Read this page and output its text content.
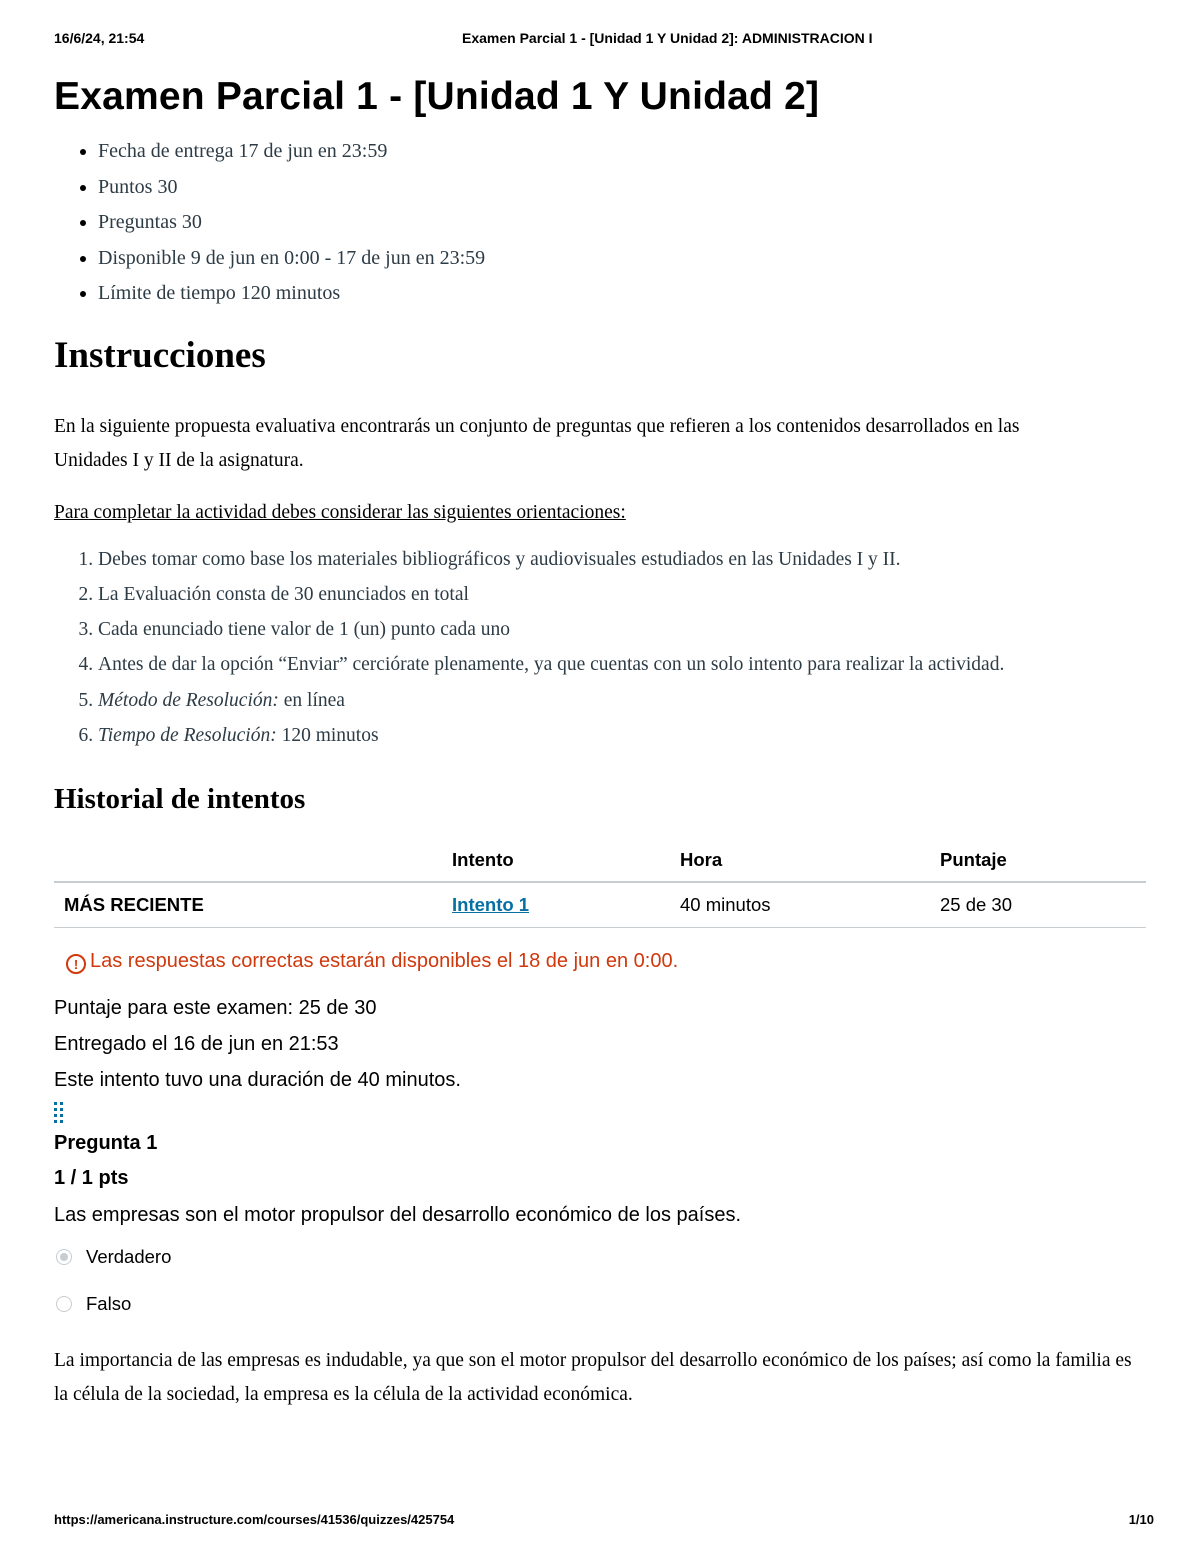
16/6/24, 21:54	Examen Parcial 1 - [Unidad 1 Y Unidad 2]: ADMINISTRACION I
Examen Parcial 1 - [Unidad 1 Y Unidad 2]
• Fecha de entrega 17 de jun en 23:59
• Puntos 30
• Preguntas 30
• Disponible 9 de jun en 0:00 - 17 de jun en 23:59
• Límite de tiempo 120 minutos
Instrucciones

En la siguiente propuesta evaluativa encontrarás un conjunto de preguntas que refieren a los contenidos desarrollados en las Unidades I y II de la asignatura.

Para completar la actividad debes considerar las siguientes orientaciones:

1. Debes tomar como base los materiales bibliográficos y audiovisuales estudiados en las Unidades I y II.
2. La Evaluación consta de 30 enunciados en total
3. Cada enunciado tiene valor de 1 (un) punto cada uno
4. Antes de dar la opción “Enviar” cerciórate plenamente, ya que cuentas con un solo intento para realizar la actividad.
5. Método de Resolución: en línea
6. Tiempo de Resolución: 120 minutos
Historial de intentos
	Intento	Hora	Puntaje
MÁS RECIENTE	Intento 1	40 minutos	25 de 30
! Las respuestas correctas estarán disponibles el 18 de jun en 0:00.
Puntaje para este examen: 25 de 30
Entregado el 16 de jun en 21:53
Este intento tuvo una duración de 40 minutos.
Pregunta 1
1 / 1 pts
Las empresas son el motor propulsor del desarrollo económico de los países.
Verdadero
Falso
La importancia de las empresas es indudable, ya que son el motor propulsor del desarrollo económico de los países; así como la familia es la célula de la sociedad, la empresa es la célula de la actividad económica.
https://americana.instructure.com/courses/41536/quizzes/425754	1/10
